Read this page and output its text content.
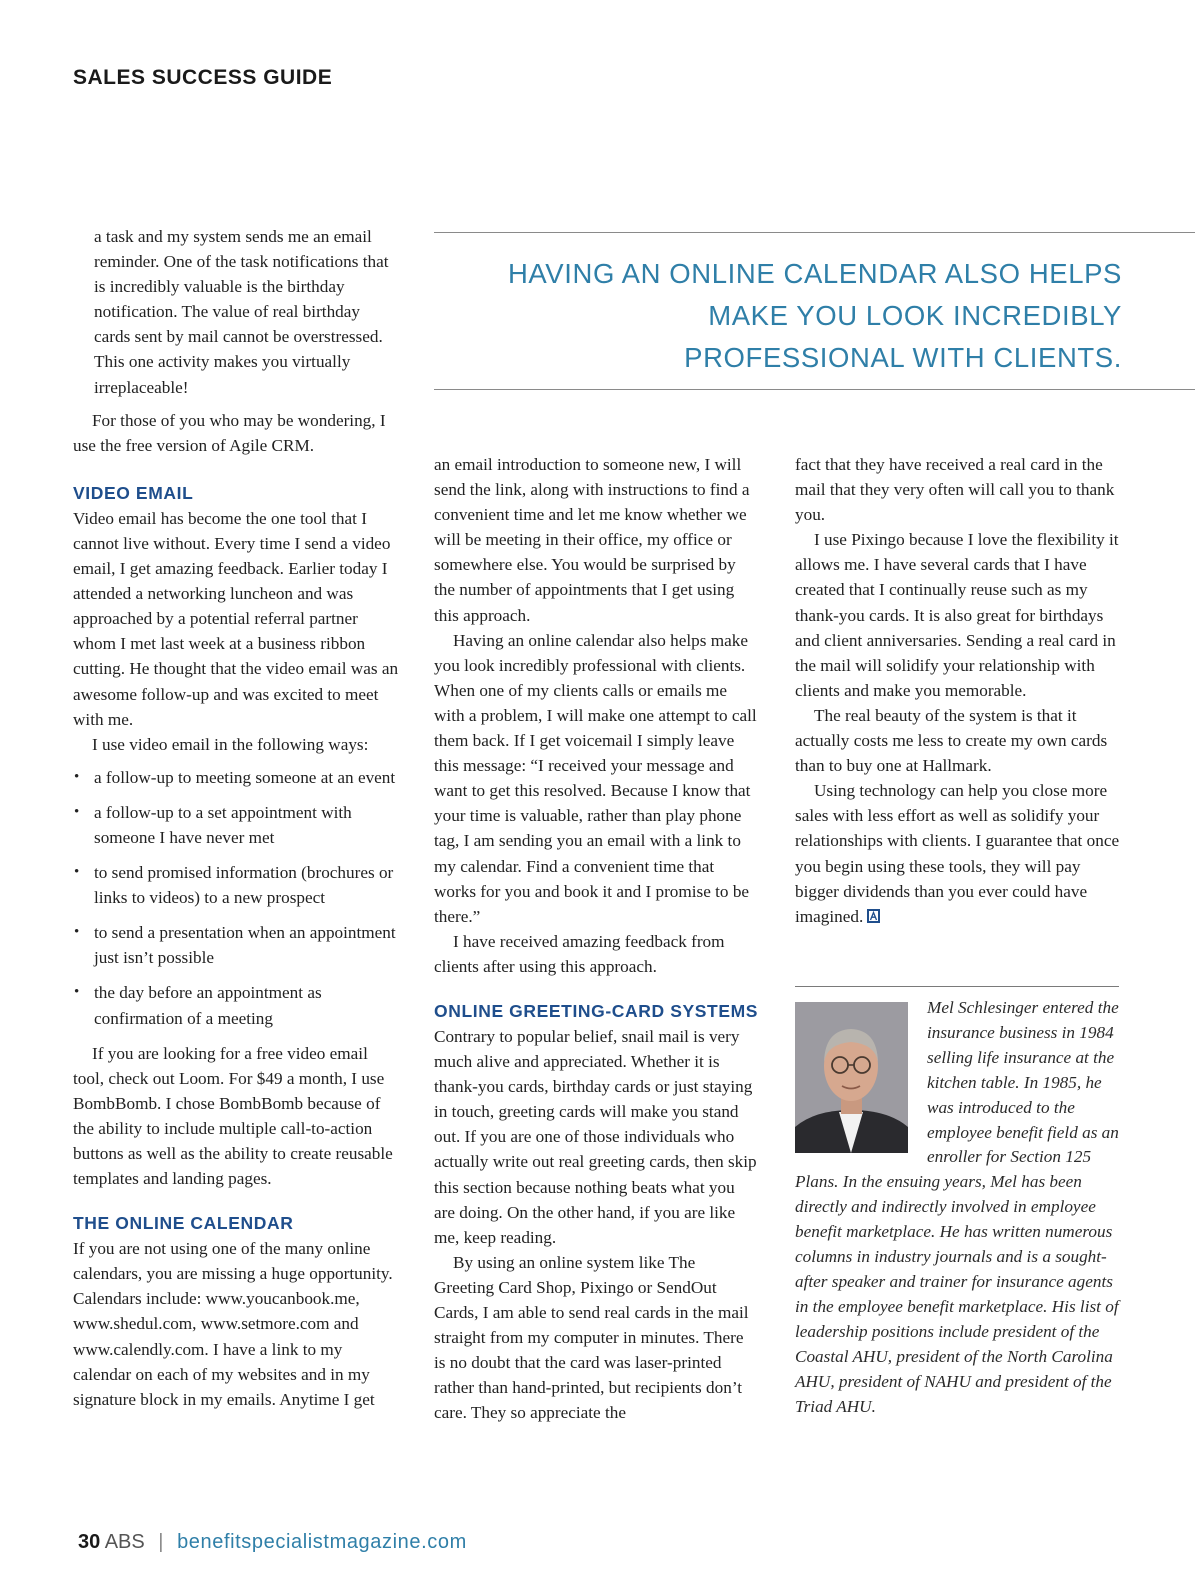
SALES SUCCESS GUIDE

HAVING AN ONLINE CALENDAR ALSO HELPS MAKE YOU LOOK INCREDIBLY PROFESSIONAL WITH CLIENTS.

a task and my system sends me an email reminder. One of the task notifications that is incredibly valuable is the birthday notification. The value of real birthday cards sent by mail cannot be overstressed. This one activity makes you virtually irreplaceable!

For those of you who may be wondering, I use the free version of Agile CRM.

VIDEO EMAIL

Video email has become the one tool that I cannot live without. Every time I send a video email, I get amazing feedback. Earlier today I attended a networking luncheon and was approached by a potential referral partner whom I met last week at a business ribbon cutting. He thought that the video email was an awesome follow-up and was excited to meet with me.

I use video email in the following ways:

• a follow-up to meeting someone at an event
• a follow-up to a set appointment with someone I have never met
• to send promised information (brochures or links to videos) to a new prospect
• to send a presentation when an appointment just isn’t possible
• the day before an appointment as confirmation of a meeting

If you are looking for a free video email tool, check out Loom. For $49 a month, I use BombBomb. I chose BombBomb because of the ability to include multiple call-to-action buttons as well as the ability to create reusable templates and landing pages.

THE ONLINE CALENDAR

If you are not using one of the many online calendars, you are missing a huge opportunity. Calendars include: www.youcanbook.me, www.shedul.com, www.setmore.com and www.calendly.com. I have a link to my calendar on each of my websites and in my signature block in my emails. Anytime I get

an email introduction to someone new, I will send the link, along with instructions to find a convenient time and let me know whether we will be meeting in their office, my office or somewhere else. You would be surprised by the number of appointments that I get using this approach.

Having an online calendar also helps make you look incredibly professional with clients. When one of my clients calls or emails me with a problem, I will make one attempt to call them back. If I get voicemail I simply leave this message: “I received your message and want to get this resolved. Because I know that your time is valuable, rather than play phone tag, I am sending you an email with a link to my calendar. Find a convenient time that works for you and book it and I promise to be there.”

I have received amazing feedback from clients after using this approach.

ONLINE GREETING-CARD SYSTEMS

Contrary to popular belief, snail mail is very much alive and appreciated. Whether it is thank-you cards, birthday cards or just staying in touch, greeting cards will make you stand out. If you are one of those individuals who actually write out real greeting cards, then skip this section because nothing beats what you are doing. On the other hand, if you are like me, keep reading.

By using an online system like The Greeting Card Shop, Pixingo or SendOut Cards, I am able to send real cards in the mail straight from my computer in minutes. There is no doubt that the card was laser-printed rather than hand-printed, but recipients don’t care. They so appreciate the

fact that they have received a real card in the mail that they very often will call you to thank you.

I use Pixingo because I love the flexibility it allows me. I have several cards that I have created that I continually reuse such as my thank-you cards. It is also great for birthdays and client anniversaries. Sending a real card in the mail will solidify your relationship with clients and make you memorable.

The real beauty of the system is that it actually costs me less to create my own cards than to buy one at Hallmark.

Using technology can help you close more sales with less effort as well as solidify your relationships with clients. I guarantee that once you begin using these tools, they will pay bigger dividends than you ever could have imagined.

Mel Schlesinger entered the insurance business in 1984 selling life insurance at the kitchen table. In 1985, he was introduced to the employee benefit field as an enroller for Section 125 Plans. In the ensuing years, Mel has been directly and indirectly involved in employee benefit marketplace. He has written numerous columns in industry journals and is a sought-after speaker and trainer for insurance agents in the employee benefit marketplace. His list of leadership positions include president of the Coastal AHU, president of the North Carolina AHU, president of NAHU and president of the Triad AHU.

30 ABS | benefitspecialistmagazine.com
